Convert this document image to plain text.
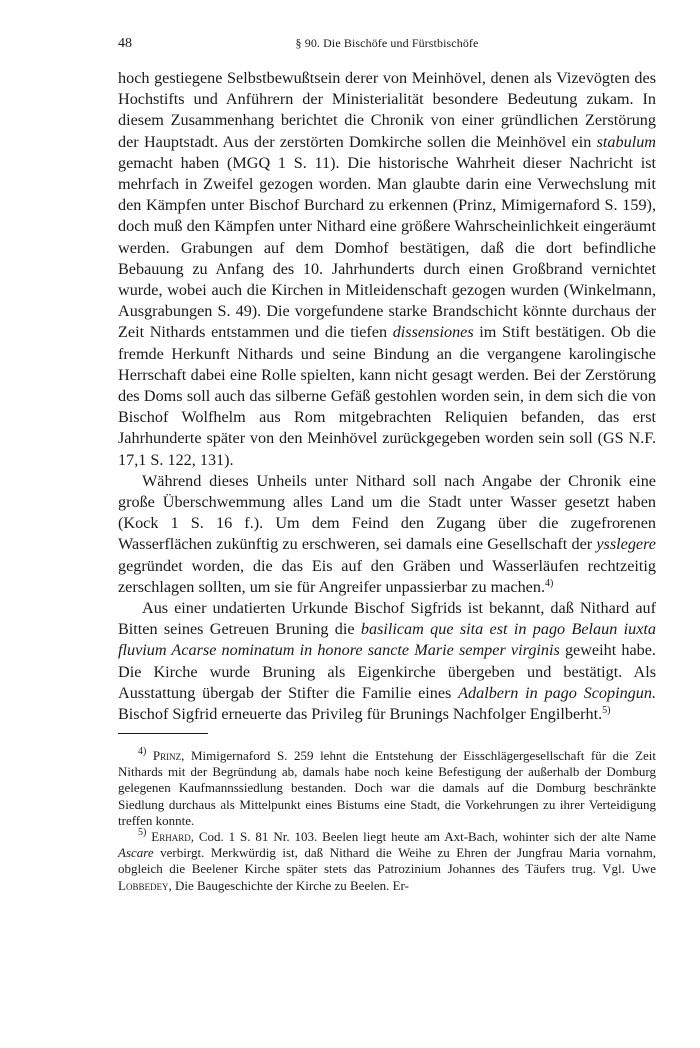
48	§ 90. Die Bischöfe und Fürstbischöfe

hoch gestiegene Selbstbewußtsein derer von Meinhövel, denen als Vizevögten des Hochstifts und Anführern der Ministerialität besondere Bedeutung zukam. In diesem Zusammenhang berichtet die Chronik von einer gründlichen Zerstörung der Hauptstadt. Aus der zerstörten Domkirche sollen die Meinhövel ein stabulum gemacht haben (MGQ 1 S. 11). Die historische Wahrheit dieser Nachricht ist mehrfach in Zweifel gezogen worden. Man glaubte darin eine Verwechslung mit den Kämpfen unter Bischof Burchard zu erkennen (Prinz, Mimigernaford S. 159), doch muß den Kämpfen unter Nithard eine größere Wahrscheinlichkeit eingeräumt werden. Grabungen auf dem Domhof bestätigen, daß die dort befindliche Bebauung zu Anfang des 10. Jahrhunderts durch einen Großbrand vernichtet wurde, wobei auch die Kirchen in Mitleidenschaft gezogen wurden (Winkelmann, Ausgrabungen S. 49). Die vorgefundene starke Brandschicht könnte durchaus der Zeit Nithards entstammen und die tiefen dissensiones im Stift bestätigen. Ob die fremde Herkunft Nithards und seine Bindung an die vergangene karolingische Herrschaft dabei eine Rolle spielten, kann nicht gesagt werden. Bei der Zerstörung des Doms soll auch das silberne Gefäß gestohlen worden sein, in dem sich die von Bischof Wolfhelm aus Rom mitgebrachten Reliquien befanden, das erst Jahrhunderte später von den Meinhövel zurückgegeben worden sein soll (GS N.F. 17,1 S. 122, 131).

Während dieses Unheils unter Nithard soll nach Angabe der Chronik eine große Überschwemmung alles Land um die Stadt unter Wasser gesetzt haben (Kock 1 S. 16 f.). Um dem Feind den Zugang über die zugefrorenen Wasserflächen zukünftig zu erschweren, sei damals eine Gesellschaft der ysslegere gegründet worden, die das Eis auf den Gräben und Wasserläufen rechtzeitig zerschlagen sollten, um sie für Angreifer unpassierbar zu machen.$^{4)}$

Aus einer undatierten Urkunde Bischof Sigfrids ist bekannt, daß Nithard auf Bitten seines Getreuen Bruning die basilicam que sita est in pago Belaun iuxta fluvium Acarse nominatum in honore sancte Marie semper virginis geweiht habe. Die Kirche wurde Bruning als Eigenkirche übergeben und bestätigt. Als Ausstattung übergab der Stifter die Familie eines Adalbern in pago Scopingun. Bischof Sigfrid erneuerte das Privileg für Brunings Nachfolger Engilberht.$^{5)}$

$^{4)}$ Prinz, Mimigernaford S. 259 lehnt die Entstehung der Eisschlägergesellschaft für die Zeit Nithards mit der Begründung ab, damals habe noch keine Befestigung der außerhalb der Domburg gelegenen Kaufmannssiedlung bestanden. Doch war die damals auf die Domburg beschränkte Siedlung durchaus als Mittelpunkt eines Bistums eine Stadt, die Vorkehrungen zu ihrer Verteidigung treffen konnte.

$^{5)}$ Erhard, Cod. 1 S. 81 Nr. 103. Beelen liegt heute am Axt-Bach, wohinter sich der alte Name Ascare verbirgt. Merkwürdig ist, daß Nithard die Weihe zu Ehren der Jungfrau Maria vornahm, obgleich die Beelener Kirche später stets das Patrozinium Johannes des Täufers trug. Vgl. Uwe Lobbedey, Die Baugeschichte der Kirche zu Beelen. Er-
